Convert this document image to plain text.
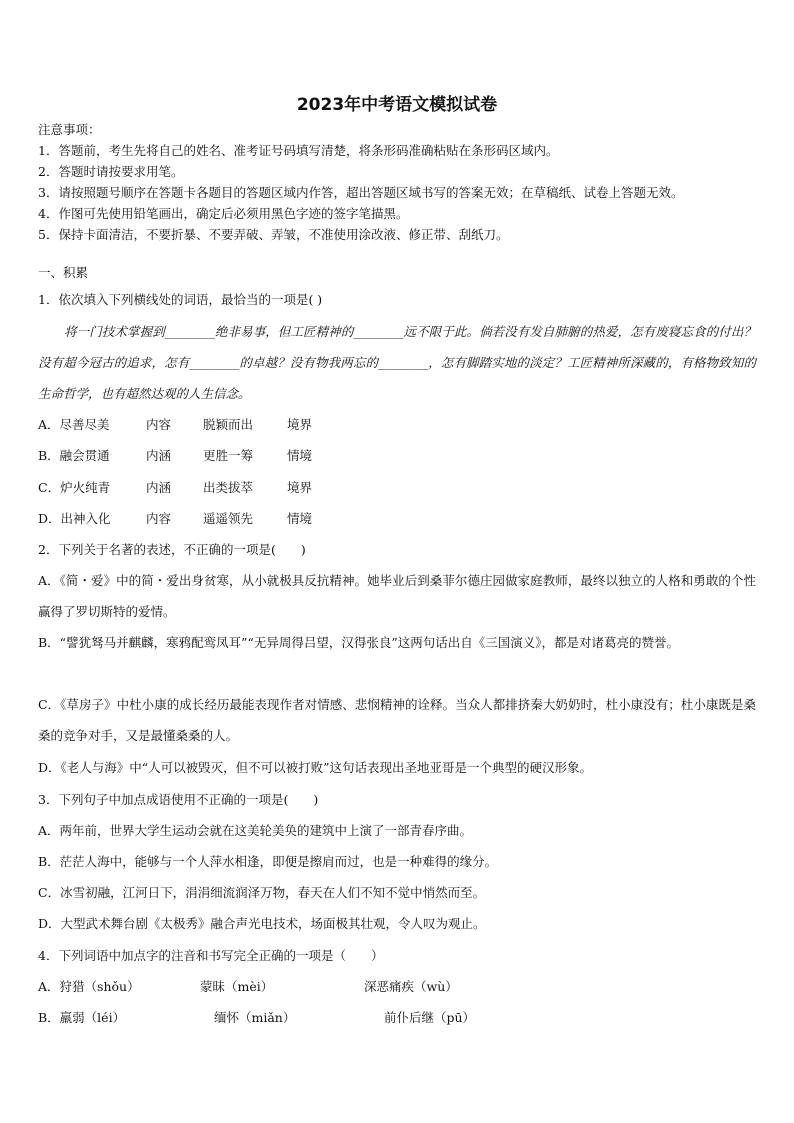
2023年中考语文模拟试卷
注意事项：
1．答题前，考生先将自己的姓名、准考证号码填写清楚，将条形码准确粘贴在条形码区域内。
2．答题时请按要求用笔。
3．请按照题号顺序在答题卡各题目的答题区域内作答，超出答题区域书写的答案无效；在草稿纸、试卷上答题无效。
4．作图可先使用铅笔画出，确定后必须用黑色字迹的签字笔描黑。
5．保持卡面清洁，不要折暴、不要弄破、弄皱，不准使用涂改液、修正带、刮纸刀。
一、积累
1．依次填入下列横线处的词语，最恰当的一项是( )
将一门技术掌握到________绝非易事，但工匠精神的________远不限于此。倘若没有发自肺腑的热爱，怎有废寝忘食的付出？没有超今冠古的追求，怎有________的卓越？没有物我两忘的________，怎有脚踏实地的淡定？工匠精神所深藏的，有格物致知的生命哲学，也有超然达观的人生信念。
A．尽善尽美	内容	脱颖而出	境界
B．融会贯通	内涵	更胜一筹	情境
C．炉火纯青	内涵	出类拔萃	境界
D．出神入化	内容	遥遥领先	情境
2．下列关于名著的表述，不正确的一项是(　　)
A．《简・爱》中的简・爱出身贫寒，从小就极具反抗精神。她毕业后到桑菲尔德庄园做家庭教师，最终以独立的人格和勇敢的个性赢得了罗切斯特的爱情。
B．“譬犹驽马并麒麟，寒鸦配鸾凤耳”“无异周得吕望，汉得张良”这两句话出自《三国演义》，都是对诸葛亮的赞誉。
C．《草房子》中杜小康的成长经历最能表现作者对情感、悲悯精神的诠释。当众人都排挤秦大奶奶时，杜小康没有；杜小康既是桑桑的竞争对手，又是最懂桑桑的人。
D．《老人与海》中“人可以被毁灭，但不可以被打败”这句话表现出圣地亚哥是一个典型的硬汉形象。
3．下列句子中加点成语使用不正确的一项是(　　)
A．两年前，世界大学生运动会就在这美轮美奂的建筑中上演了一部青春序曲。
B．茫茫人海中，能够与一个人萍水相逢，即便是擦肩而过，也是一种难得的缘分。
C．冰雪初融，江河日下，涓涓细流润泽万物，春天在人们不知不觉中悄然而至。
D．大型武术舞台剧《太极秀》融合声光电技术，场面极其壮观，令人叹为观止。
4．下列词语中加点字的注音和书写完全正确的一项是（　　）
A．狩猎（shǒu）	蒙昧（mèi）	深恶痛疾（wù）
B．羸弱（léi）	缅怀（miǎn）	前仆后继（pū）
